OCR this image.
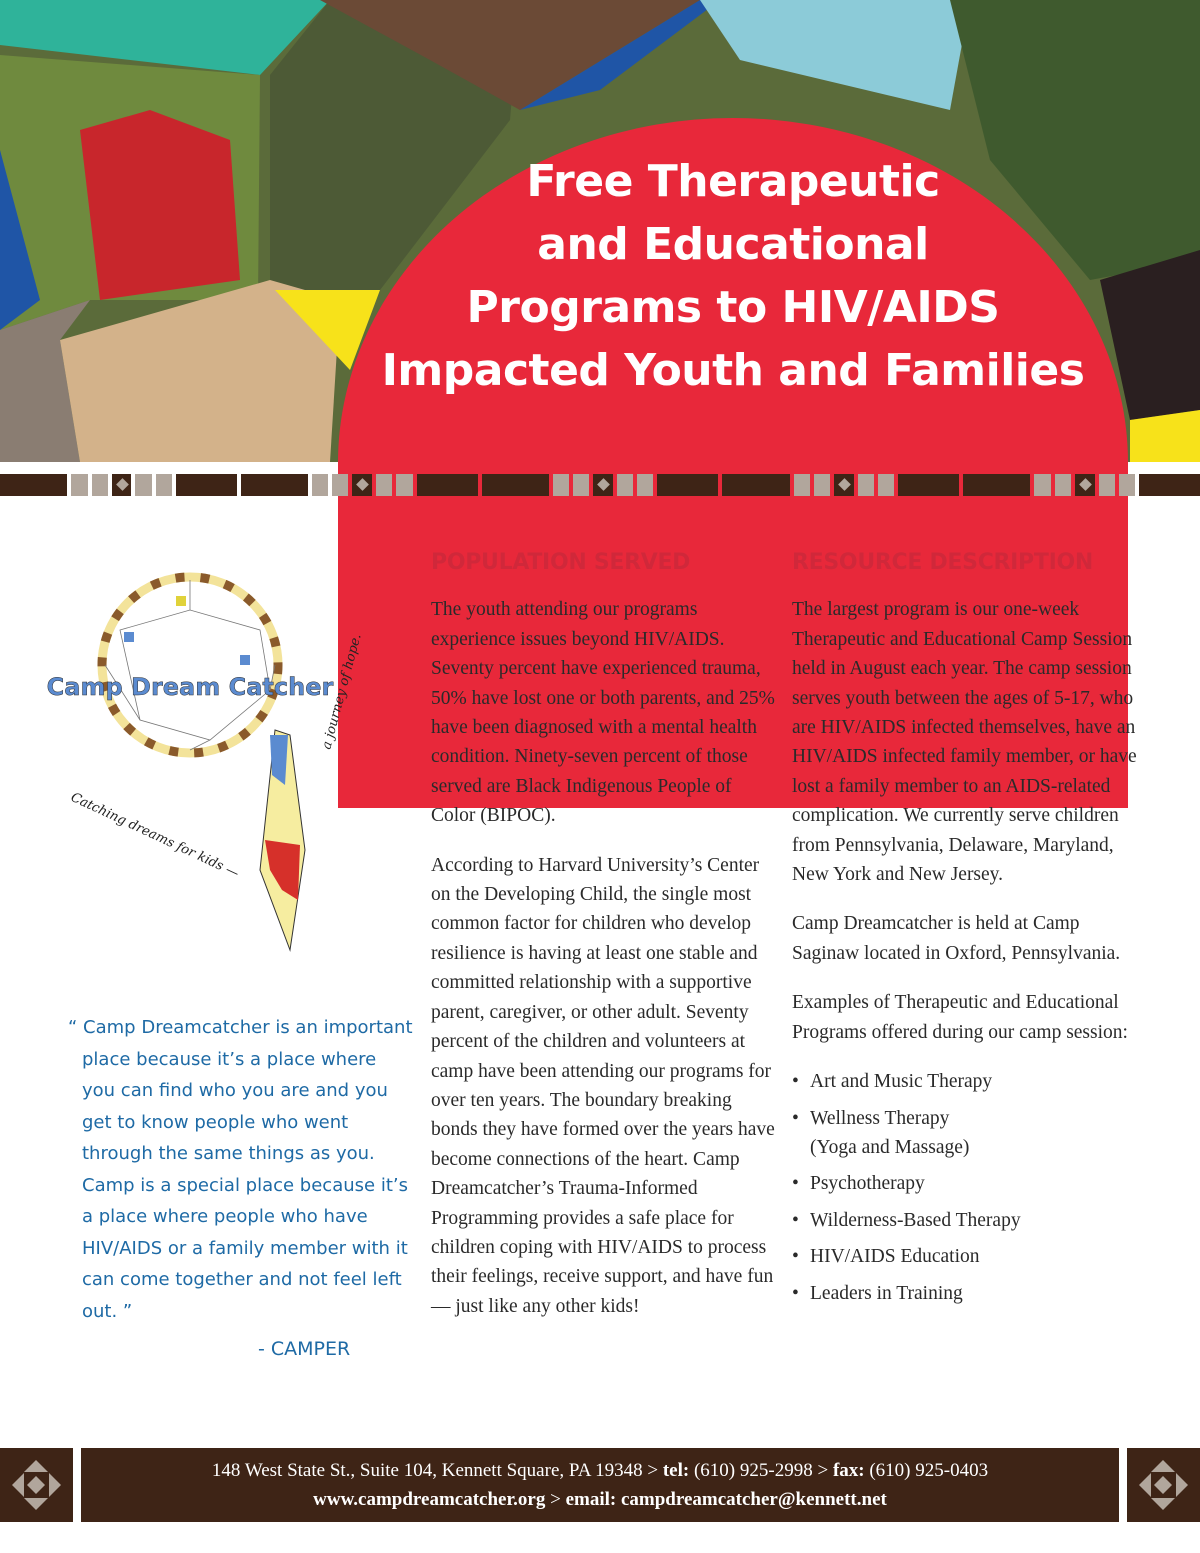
Free Therapeutic
and Educational
Programs to HIV/AIDS
Impacted Youth and Families
Camp Dream Catcher
Catching dreams for kids —
a journey of hope.
“ Camp Dreamcatcher is an important place because it’s a place where you can find who you are and you get to know people who went through the same things as you. Camp is a special place because it’s a place where people who have HIV/AIDS or a family member with it can come together and not feel left out. ”
- CAMPER
POPULATION SERVED

The youth attending our programs experience issues beyond HIV/AIDS. Seventy percent have experienced trauma, 50% have lost one or both parents, and 25% have been diagnosed with a mental health condition. Ninety-seven percent of those served are Black Indigenous People of Color (BIPOC).

According to Harvard University’s Center on the Developing Child, the single most common factor for children who develop resilience is having at least one stable and committed relationship with a supportive parent, caregiver, or other adult. Seventy percent of the children and volunteers at camp have been attending our programs for over ten years. The boundary breaking bonds they have formed over the years have become connections of the heart. Camp Dreamcatcher’s Trauma-Informed Programming provides a safe place for children coping with HIV/AIDS to process their feelings, receive support, and have fun — just like any other kids!

RESOURCE DESCRIPTION

The largest program is our one-week Therapeutic and Educational Camp Session held in August each year. The camp session serves youth between the ages of 5-17, who are HIV/AIDS infected themselves, have an HIV/AIDS infected family member, or have lost a family member to an AIDS-related complication. We currently serve children from Pennsylvania, Delaware, Maryland, New York and New Jersey.

Camp Dreamcatcher is held at Camp Saginaw located in Oxford, Pennsylvania.

Examples of Therapeutic and Educational Programs offered during our camp session:

• Art and Music Therapy
• Wellness Therapy (Yoga and Massage)
• Psychotherapy
• Wilderness-Based Therapy
• HIV/AIDS Education
• Leaders in Training
148 West State St., Suite 104, Kennett Square, PA 19348 > tel: (610) 925-2998 > fax: (610) 925-0403
www.campdreamcatcher.org > email: campdreamcatcher@kennett.net
